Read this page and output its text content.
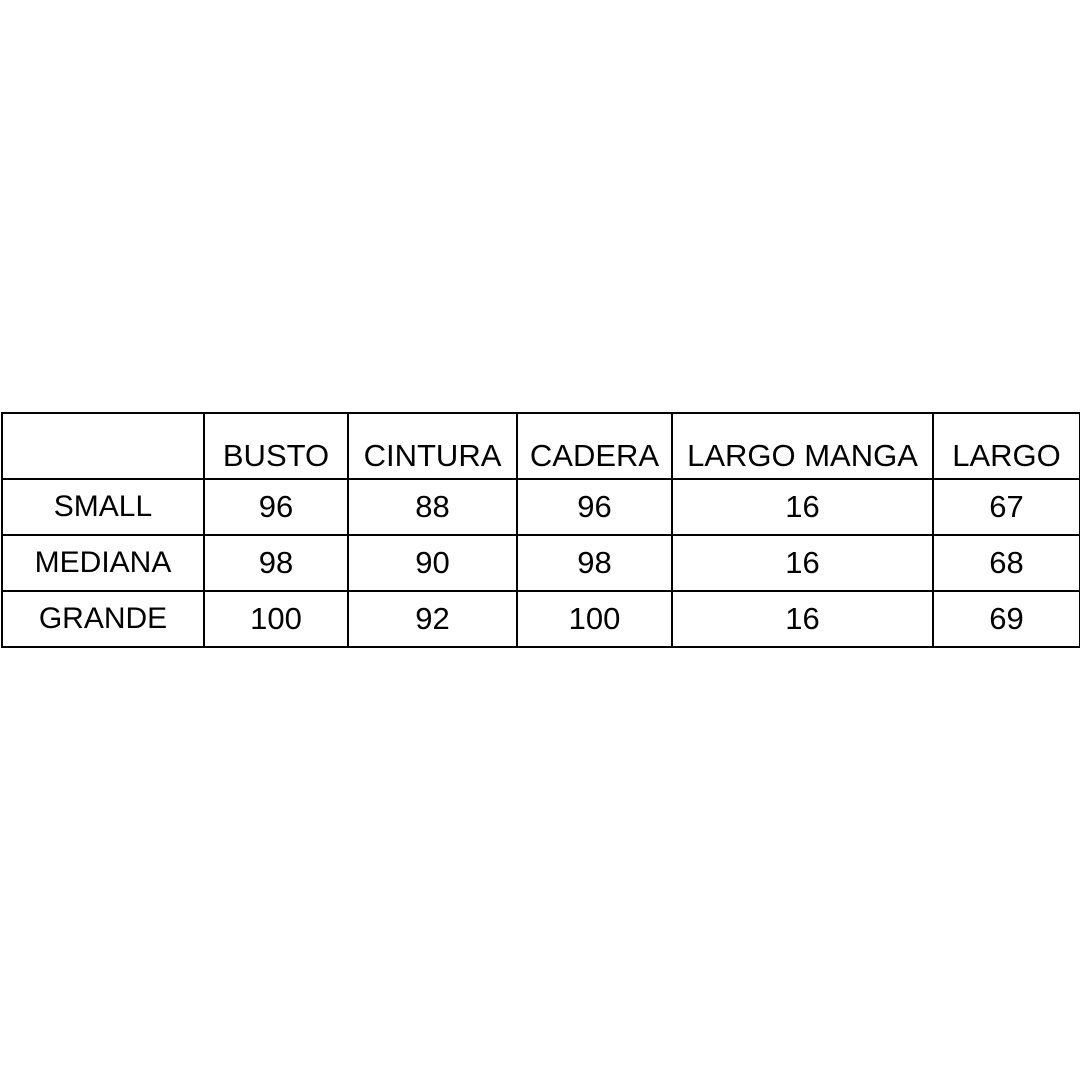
	BUSTO	CINTURA	CADERA	LARGO MANGA	LARGO
SMALL	96	88	96	16	67
MEDIANA	98	90	98	16	68
GRANDE	100	92	100	16	69
